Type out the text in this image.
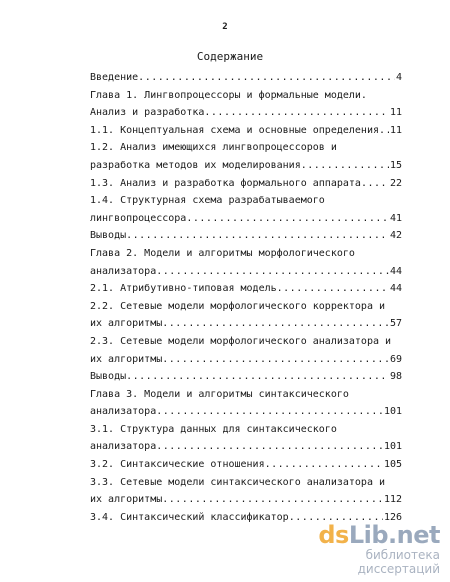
2
Содержание
Введение .....	4
Глава 1. Лингвопроцессоры и формальные модели.
Анализ и разработка .....	11
1.1. Концептуальная схема и основные определения ..... 11
1.2. Анализ имеющихся лингвопроцессоров и
разработка методов их моделирования .....	15
1.3. Анализ и разработка формального аппарата .....	22
1.4. Структурная схема разрабатываемого
лингвопроцессора .....	41
Выводы .....	42
Глава 2. Модели и алгоритмы морфологического
анализатора .....	44
2.1. Атрибутивно-типовая модель .....	44
2.2. Сетевые модели морфологического корректора и
их алгоритмы .....	57
2.3. Сетевые модели морфологического анализатора и
их алгоритмы .....	69
Выводы .....	98
Глава 3. Модели и алгоритмы синтаксического
анализатора .....	101
3.1. Структура данных для синтаксического
анализатора .....	101
3.2. Синтаксические отношения .....	105
3.3. Сетевые модели синтаксического анализатора и
их алгоритмы .....	112
3.4. Синтаксический классификатор .....	126
dsLib.net
библиотека диссертаций
